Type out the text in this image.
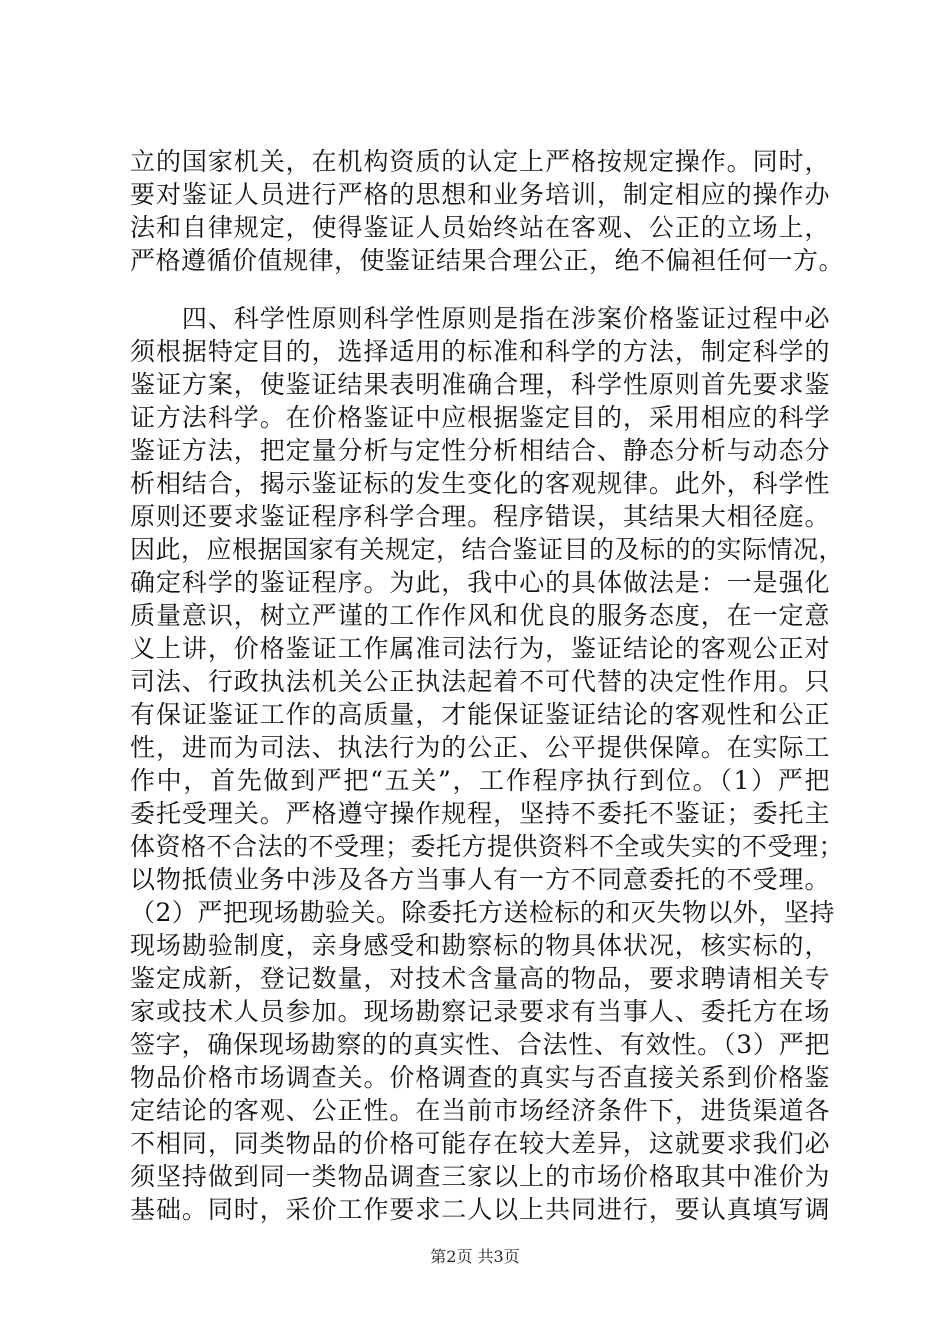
立的国家机关，在机构资质的认定上严格按规定操作。同时，
要对鉴证人员进行严格的思想和业务培训，制定相应的操作办
法和自律规定，使得鉴证人员始终站在客观、公正的立场上，
严格遵循价值规律，使鉴证结果合理公正，绝不偏袒任何一方。
　　四、科学性原则科学性原则是指在涉案价格鉴证过程中必
须根据特定目的，选择适用的标准和科学的方法，制定科学的
鉴证方案，使鉴证结果表明准确合理，科学性原则首先要求鉴
证方法科学。在价格鉴证中应根据鉴定目的，采用相应的科学
鉴证方法，把定量分析与定性分析相结合、静态分析与动态分
析相结合，揭示鉴证标的发生变化的客观规律。此外，科学性
原则还要求鉴证程序科学合理。程序错误，其结果大相径庭。
因此，应根据国家有关规定，结合鉴证目的及标的的实际情况，
确定科学的鉴证程序。为此，我中心的具体做法是：一是强化
质量意识，树立严谨的工作作风和优良的服务态度，在一定意
义上讲，价格鉴证工作属准司法行为，鉴证结论的客观公正对
司法、行政执法机关公正执法起着不可代替的决定性作用。只
有保证鉴证工作的高质量，才能保证鉴证结论的客观性和公正
性，进而为司法、执法行为的公正、公平提供保障。在实际工
作中，首先做到严把“五关”，工作程序执行到位。（1）严把
委托受理关。严格遵守操作规程，坚持不委托不鉴证；委托主
体资格不合法的不受理；委托方提供资料不全或失实的不受理；
以物抵债业务中涉及各方当事人有一方不同意委托的不受理。
（2）严把现场勘验关。除委托方送检标的和灭失物以外，坚持
现场勘验制度，亲身感受和勘察标的物具体状况，核实标的，
鉴定成新，登记数量，对技术含量高的物品，要求聘请相关专
家或技术人员参加。现场勘察记录要求有当事人、委托方在场
签字，确保现场勘察的的真实性、合法性、有效性。（3）严把
物品价格市场调查关。价格调查的真实与否直接关系到价格鉴
定结论的客观、公正性。在当前市场经济条件下，进货渠道各
不相同，同类物品的价格可能存在较大差异，这就要求我们必
须坚持做到同一类物品调查三家以上的市场价格取其中准价为
基础。同时，采价工作要求二人以上共同进行，要认真填写调
第2页 共3页
